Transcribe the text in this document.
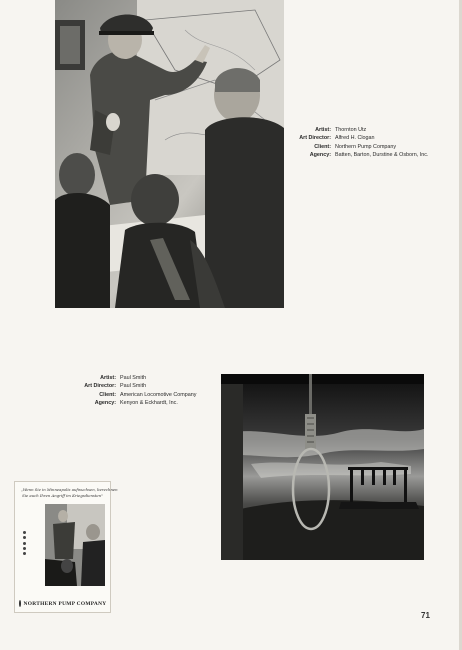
Artist: Thornton Utz
Art Director: Alfred H. Clogan
Client: Northern Pump Company
Agency: Batten, Barton, Durstine & Osborn, Inc.
Artist: Paul Smith
Art Director: Paul Smith
Client: American Locomotive Company
Agency: Kenyon & Eckhardt, Inc.
„Wenn Sie in Minneapolis aufwuchsen, berechnen
Sie auch Ihren Angriff im Kriegsdiensten"
NORTHERN PUMP COMPANY
71
